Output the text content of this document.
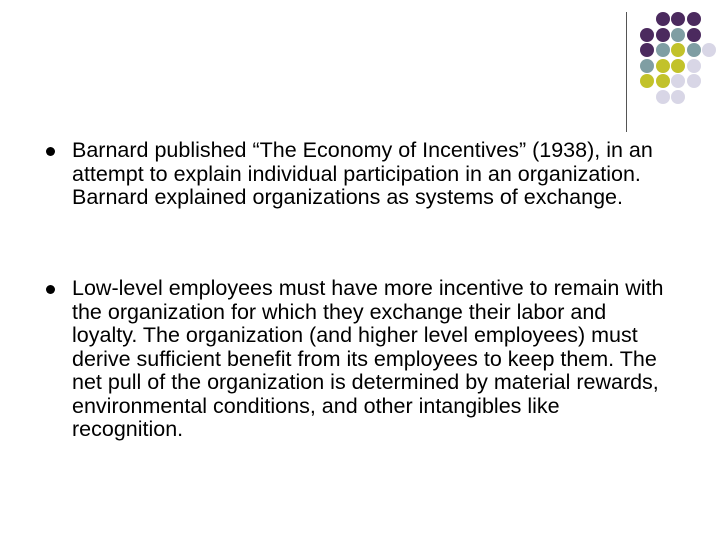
Barnard published “The Economy of Incentives” (1938), in an attempt to explain individual participation in an organization. Barnard explained organizations as systems of exchange.
Low-level employees must have more incentive to remain with the organization for which they exchange their labor and loyalty. The organization (and higher level employees) must derive sufficient benefit from its employees to keep them. The net pull of the organization is determined by material rewards, environmental conditions, and other intangibles like recognition.
